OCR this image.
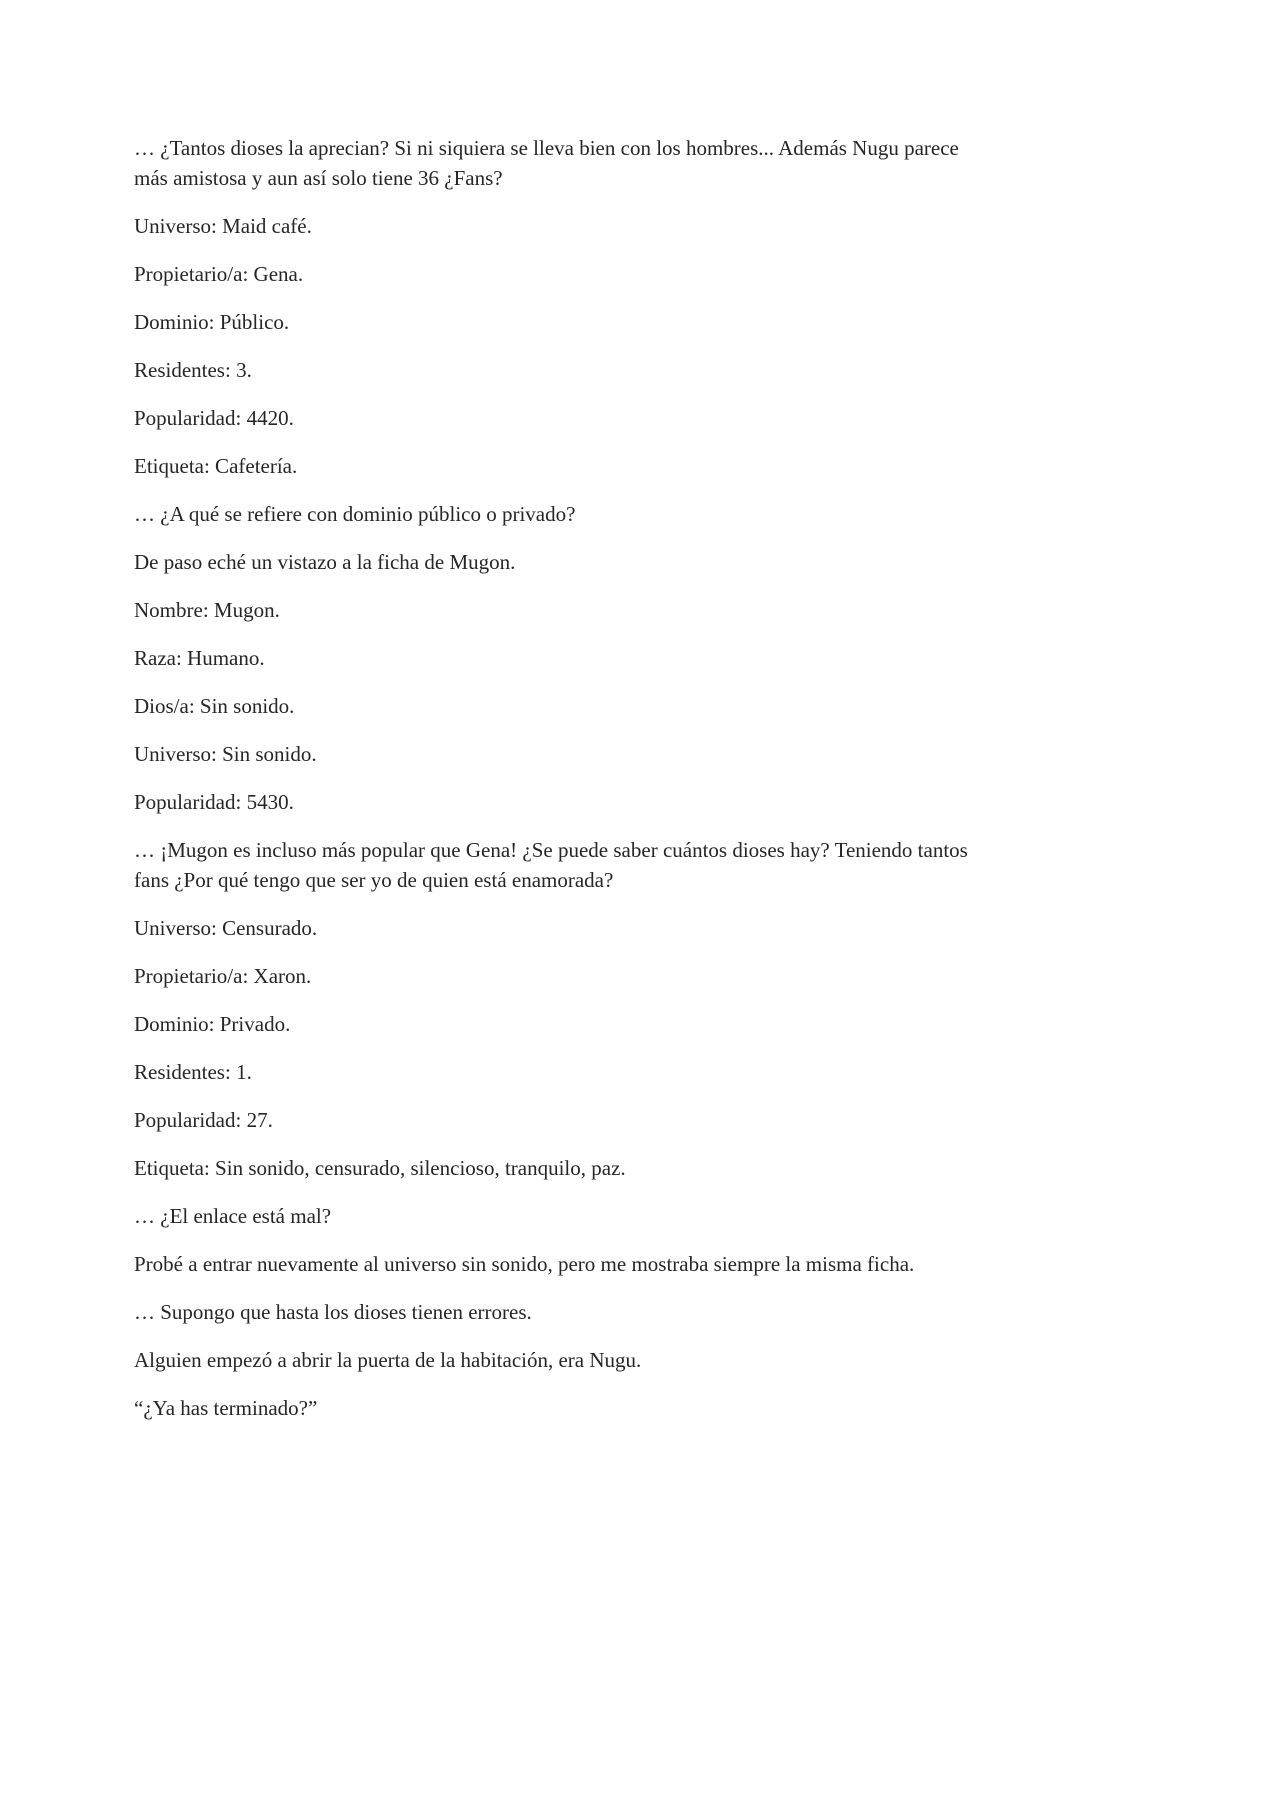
… ¿Tantos dioses la aprecian? Si ni siquiera se lleva bien con los hombres... Además Nugu parece más amistosa y aun así solo tiene 36 ¿Fans?

Universo: Maid café.

Propietario/a: Gena.

Dominio: Público.

Residentes: 3.

Popularidad: 4420.

Etiqueta: Cafetería.

… ¿A qué se refiere con dominio público o privado?

De paso eché un vistazo a la ficha de Mugon.

Nombre: Mugon.

Raza: Humano.

Dios/a: Sin sonido.

Universo: Sin sonido.

Popularidad: 5430.

… ¡Mugon es incluso más popular que Gena! ¿Se puede saber cuántos dioses hay? Teniendo tantos fans ¿Por qué tengo que ser yo de quien está enamorada?

Universo: Censurado.

Propietario/a: Xaron.

Dominio: Privado.

Residentes: 1.

Popularidad: 27.

Etiqueta: Sin sonido, censurado, silencioso, tranquilo, paz.

… ¿El enlace está mal?

Probé a entrar nuevamente al universo sin sonido, pero me mostraba siempre la misma ficha.

… Supongo que hasta los dioses tienen errores.

Alguien empezó a abrir la puerta de la habitación, era Nugu.

“¿Ya has terminado?”
